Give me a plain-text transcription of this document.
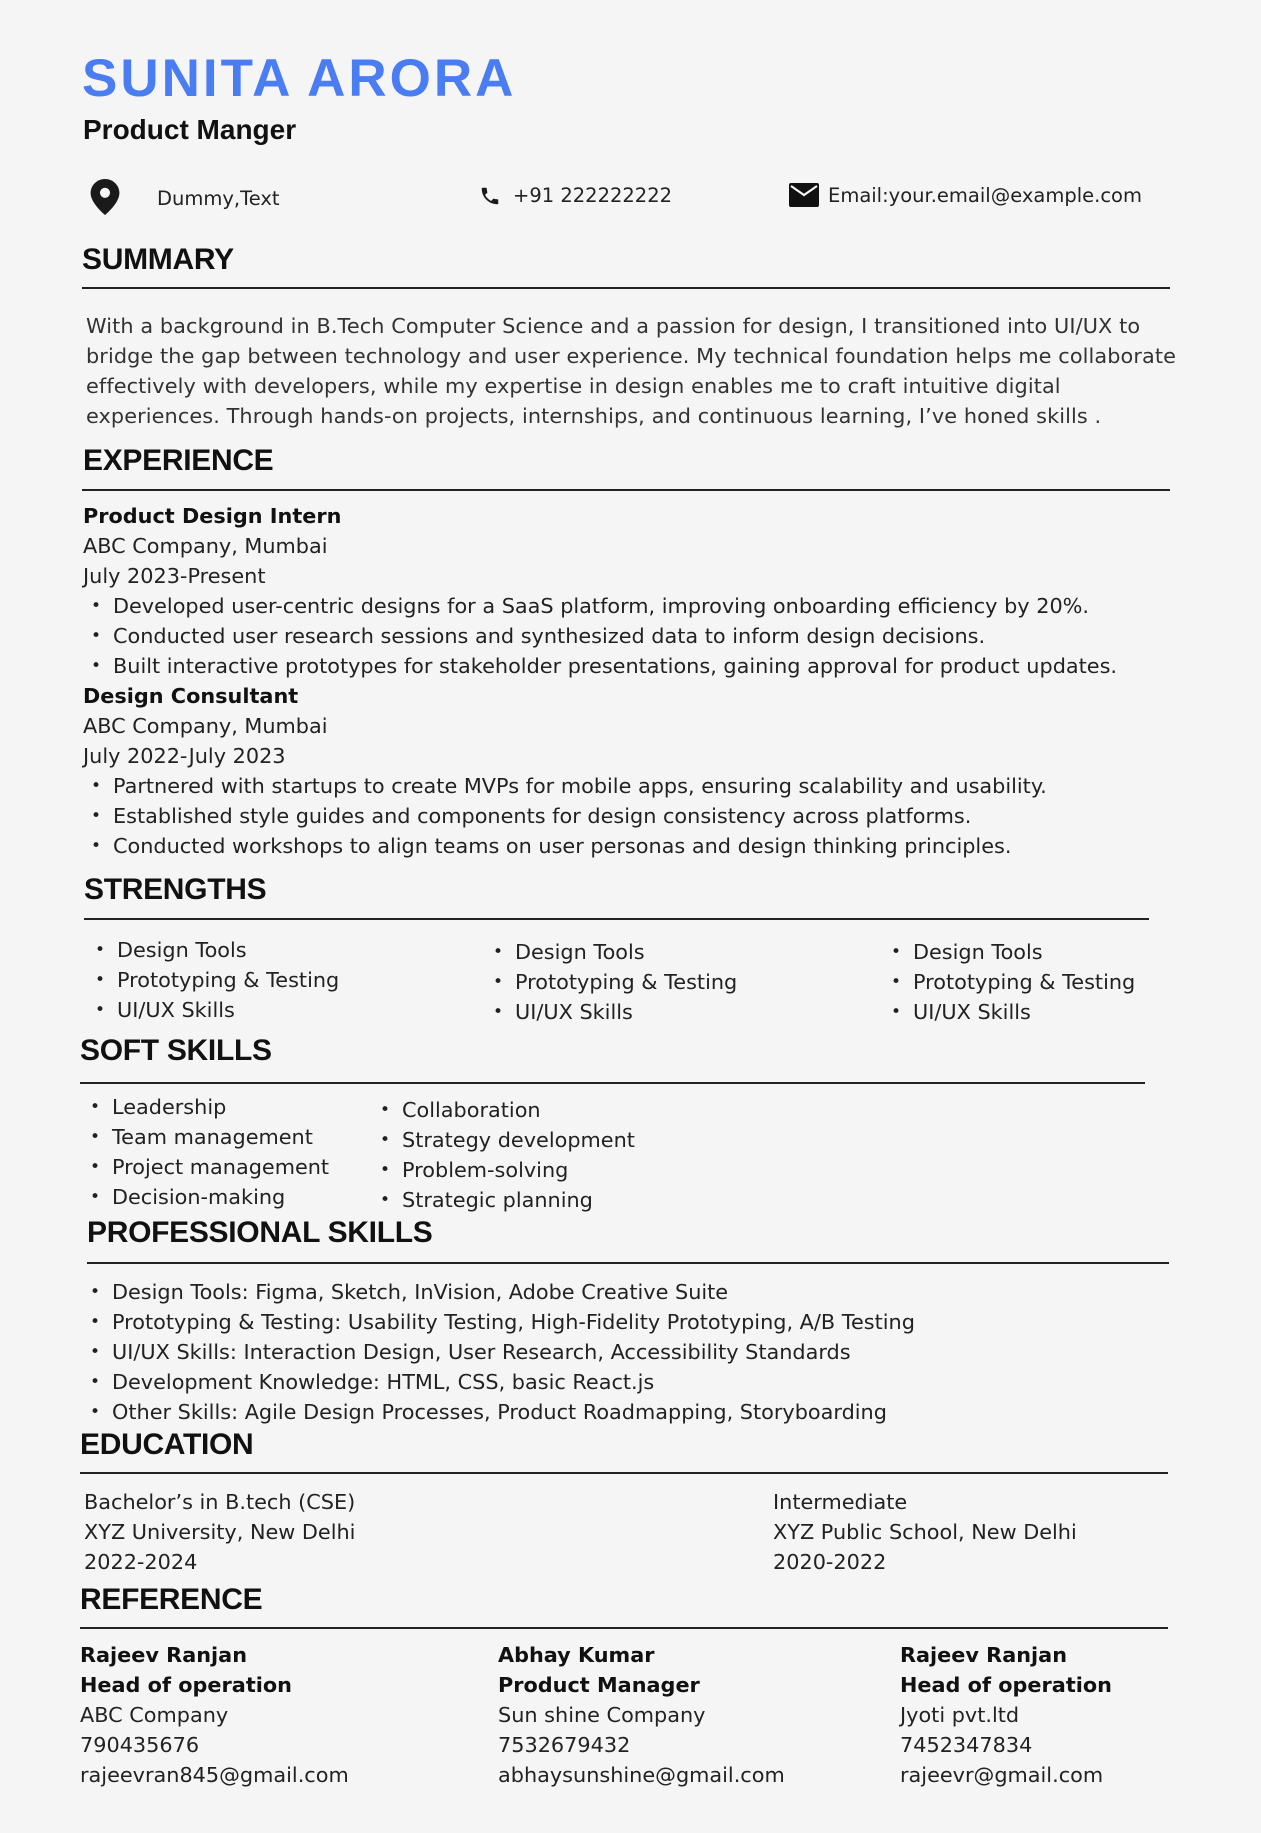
SUNITA ARORA
Product Manger
Dummy,Text	+91 222222222	Email:your.email@example.com
SUMMARY

With a background in B.Tech Computer Science and a passion for design, I transitioned into UI/UX to bridge the gap between technology and user experience. My technical foundation helps me collaborate effectively with developers, while my expertise in design enables me to craft intuitive digital experiences. Through hands-on projects, internships, and continuous learning, I’ve honed skills .

EXPERIENCE
Product Design Intern
ABC Company, Mumbai
July 2023-Present
• Developed user-centric designs for a SaaS platform, improving onboarding efficiency by 20%.
• Conducted user research sessions and synthesized data to inform design decisions.
• Built interactive prototypes for stakeholder presentations, gaining approval for product updates.
Design Consultant
ABC Company, Mumbai
July 2022-July 2023
• Partnered with startups to create MVPs for mobile apps, ensuring scalability and usability.
• Established style guides and components for design consistency across platforms.
• Conducted workshops to align teams on user personas and design thinking principles.
STRENGTHS
• Design Tools
• Prototyping & Testing
• UI/UX Skills
• Design Tools
• Prototyping & Testing
• UI/UX Skills
• Design Tools
• Prototyping & Testing
• UI/UX Skills
SOFT SKILLS
• Leadership
• Team management
• Project management
• Decision-making
• Collaboration
• Strategy development
• Problem-solving
• Strategic planning
PROFESSIONAL SKILLS
• Design Tools: Figma, Sketch, InVision, Adobe Creative Suite
• Prototyping & Testing: Usability Testing, High-Fidelity Prototyping, A/B Testing
• UI/UX Skills: Interaction Design, User Research, Accessibility Standards
• Development Knowledge: HTML, CSS, basic React.js
• Other Skills: Agile Design Processes, Product Roadmapping, Storyboarding
EDUCATION
Bachelor’s in B.tech (CSE)
XYZ University, New Delhi
2022-2024
Intermediate
XYZ Public School, New Delhi
2020-2022
REFERENCE
Rajeev Ranjan
Head of operation
ABC Company
790435676
rajeevran845@gmail.com
Abhay Kumar
Product Manager
Sun shine Company
7532679432
abhaysunshine@gmail.com
Rajeev Ranjan
Head of operation
Jyoti pvt.ltd
7452347834
rajeevr@gmail.com
